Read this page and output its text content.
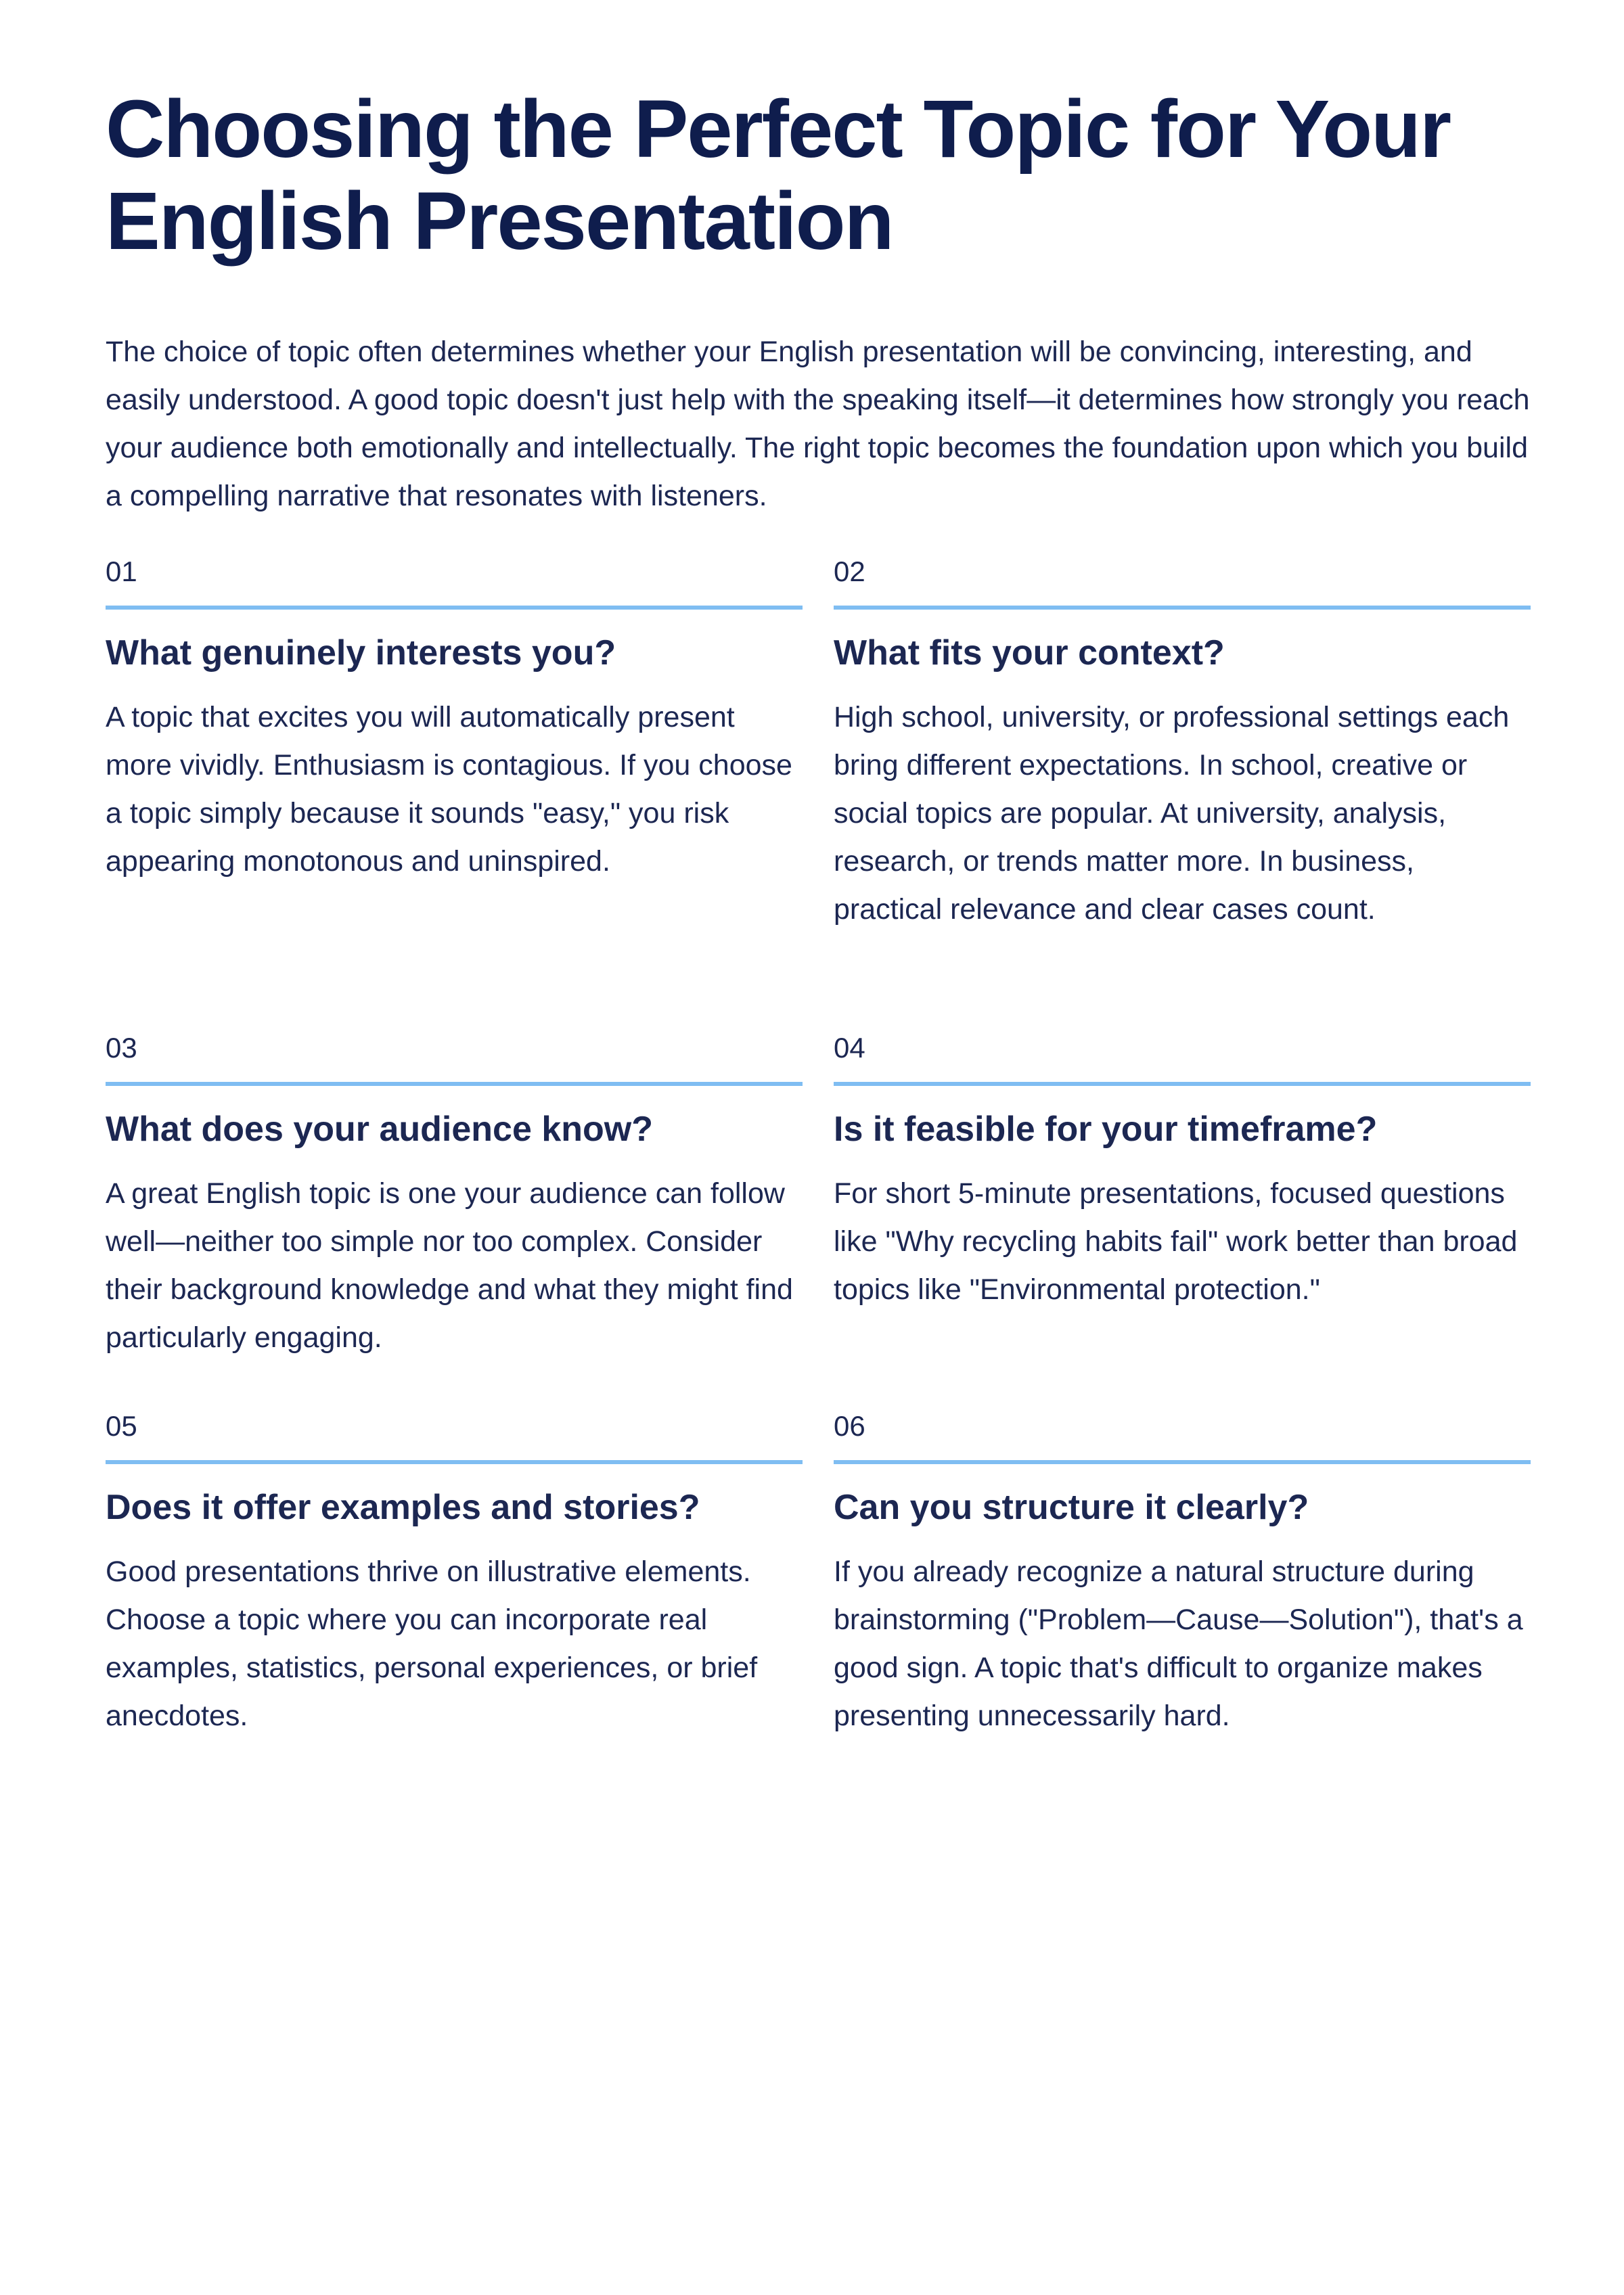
Choosing the Perfect Topic for Your English Presentation

The choice of topic often determines whether your English presentation will be convincing, interesting, and easily understood. A good topic doesn't just help with the speaking itself—it determines how strongly you reach your audience both emotionally and intellectually. The right topic becomes the foundation upon which you build a compelling narrative that resonates with listeners.

01
What genuinely interests you?

A topic that excites you will automatically present more vividly. Enthusiasm is contagious. If you choose a topic simply because it sounds "easy," you risk appearing monotonous and uninspired.

02
What fits your context?

High school, university, or professional settings each bring different expectations. In school, creative or social topics are popular. At university, analysis, research, or trends matter more. In business, practical relevance and clear cases count.

03
What does your audience know?

A great English topic is one your audience can follow well—neither too simple nor too complex. Consider their background knowledge and what they might find particularly engaging.

04
Is it feasible for your timeframe?

For short 5-minute presentations, focused questions like "Why recycling habits fail" work better than broad topics like "Environmental protection."

05
Does it offer examples and stories?

Good presentations thrive on illustrative elements. Choose a topic where you can incorporate real examples, statistics, personal experiences, or brief anecdotes.

06
Can you structure it clearly?

If you already recognize a natural structure during brainstorming ("Problem—Cause—Solution"), that's a good sign. A topic that's difficult to organize makes presenting unnecessarily hard.
